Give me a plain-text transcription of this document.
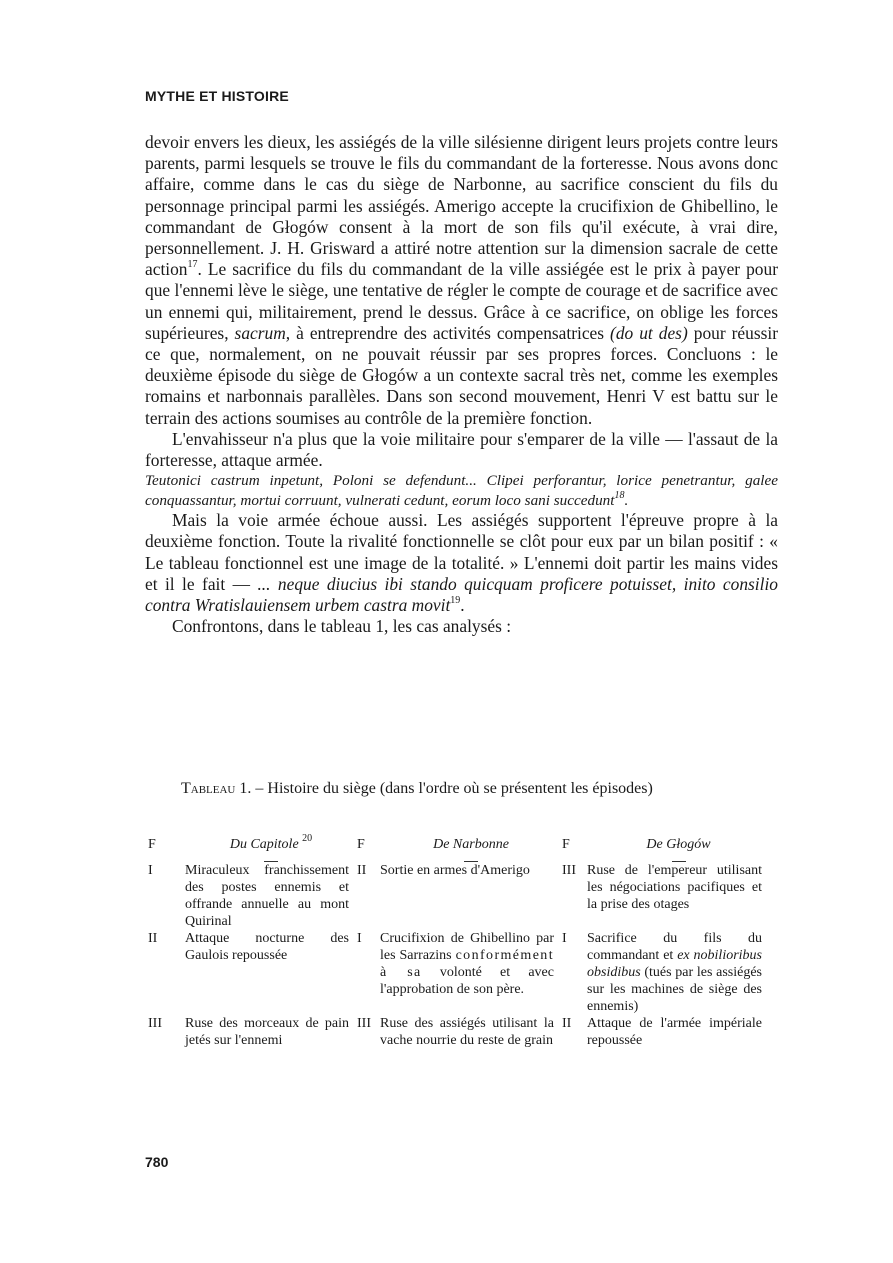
MYTHE ET HISTOIRE

devoir envers les dieux, les assiégés de la ville silésienne dirigent leurs projets contre leurs parents, parmi lesquels se trouve le fils du commandant de la forteresse. Nous avons donc affaire, comme dans le cas du siège de Narbonne, au sacrifice conscient du fils du personnage principal parmi les assiégés. Amerigo accepte la crucifixion de Ghibellino, le commandant de Głogów consent à la mort de son fils qu'il exécute, à vrai dire, personnellement. J. H. Grisward a attiré notre attention sur la dimension sacrale de cette action$^{17}$. Le sacrifice du fils du commandant de la ville assiégée est le prix à payer pour que l'ennemi lève le siège, une tentative de régler le compte de courage et de sacrifice avec un ennemi qui, militairement, prend le dessus. Grâce à ce sacrifice, on oblige les forces supérieures, sacrum, à entreprendre des activités compensatrices (do ut des) pour réussir ce que, normalement, on ne pouvait réussir par ses propres forces. Concluons : le deuxième épisode du siège de Głogów a un contexte sacral très net, comme les exemples romains et narbonnais parallèles. Dans son second mouvement, Henri V est battu sur le terrain des actions soumises au contrôle de la première fonction.

L'envahisseur n'a plus que la voie militaire pour s'emparer de la ville — l'assaut de la forteresse, attaque armée.

Teutonici castrum inpetunt, Poloni se defendunt... Clipei perforantur, lorice penetrantur, galee conquassantur, mortui corruunt, vulnerati cedunt, eorum loco sani succedunt$^{18}$.

Mais la voie armée échoue aussi. Les assiégés supportent l'épreuve propre à la deuxième fonction. Toute la rivalité fonctionnelle se clôt pour eux par un bilan positif : « Le tableau fonctionnel est une image de la totalité. » L'ennemi doit partir les mains vides et il le fait — ... neque diucius ibi stando quicquam proficere potuisset, inito consilio contra Wratislauiensem urbem castra movit$^{19}$.

Confrontons, dans le tableau 1, les cas analysés :

Tableau 1. – Histoire du siège (dans l'ordre où se présentent les épisodes)
F	Du Capitole $^{20}$	F	De Narbonne	F	De Głogów

I	Miraculeux franchissement des postes ennemis et offrande annuelle au mont Quirinal	II	Sortie en armes d'Amerigo	III	Ruse de l'empereur utilisant les négociations pacifiques et la prise des otages
II	Attaque nocturne des Gaulois repoussée	I	Crucifixion de Ghibellino par les Sarrazins conformément à sa volonté et avec l'approbation de son père.	I	Sacrifice du fils du commandant et ex nobilioribus obsidibus (tués par les assiégés sur les machines de siège des ennemis)
III	Ruse des morceaux de pain jetés sur l'ennemi	III	Ruse des assiégés utilisant la vache nourrie du reste de grain	II	Attaque de l'armée impériale repoussée
780
